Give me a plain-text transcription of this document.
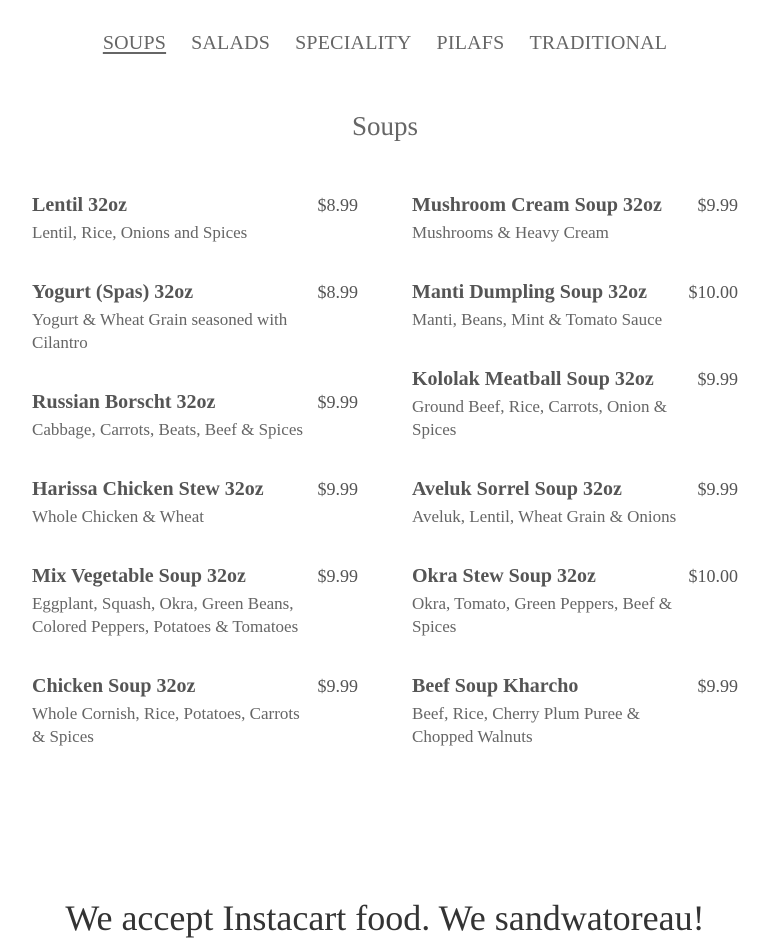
SOUPS SALADS SPECIALITY PILAFS TRADITIONAL
Soups
Lentil 32oz	$8.99
Lentil, Rice, Onions and Spices
Yogurt (Spas) 32oz	$8.99
Yogurt & Wheat Grain seasoned with Cilantro
Russian Borscht 32oz	$9.99
Cabbage, Carrots, Beats, Beef & Spices
Harissa Chicken Stew 32oz	$9.99
Whole Chicken & Wheat
Mix Vegetable Soup 32oz	$9.99
Eggplant, Squash, Okra, Green Beans, Colored Peppers, Potatoes & Tomatoes
Chicken Soup 32oz	$9.99
Whole Cornish, Rice, Potatoes, Carrots & Spices
Mushroom Cream Soup 32oz $9.99
Mushrooms & Heavy Cream
Manti Dumpling Soup 32oz $10.00
Manti, Beans, Mint & Tomato Sauce
Kololak Meatball Soup 32oz $9.99
Ground Beef, Rice, Carrots, Onion & Spices
Aveluk Sorrel Soup 32oz	$9.99
Aveluk, Lentil, Wheat Grain & Onions
Okra Stew Soup 32oz	$10.00
Okra, Tomato, Green Peppers, Beef & Spices
Beef Soup Kharcho	$9.99
Beef, Rice, Cherry Plum Puree & Chopped Walnuts
We accept Instacart food. We sandwatoreau!
